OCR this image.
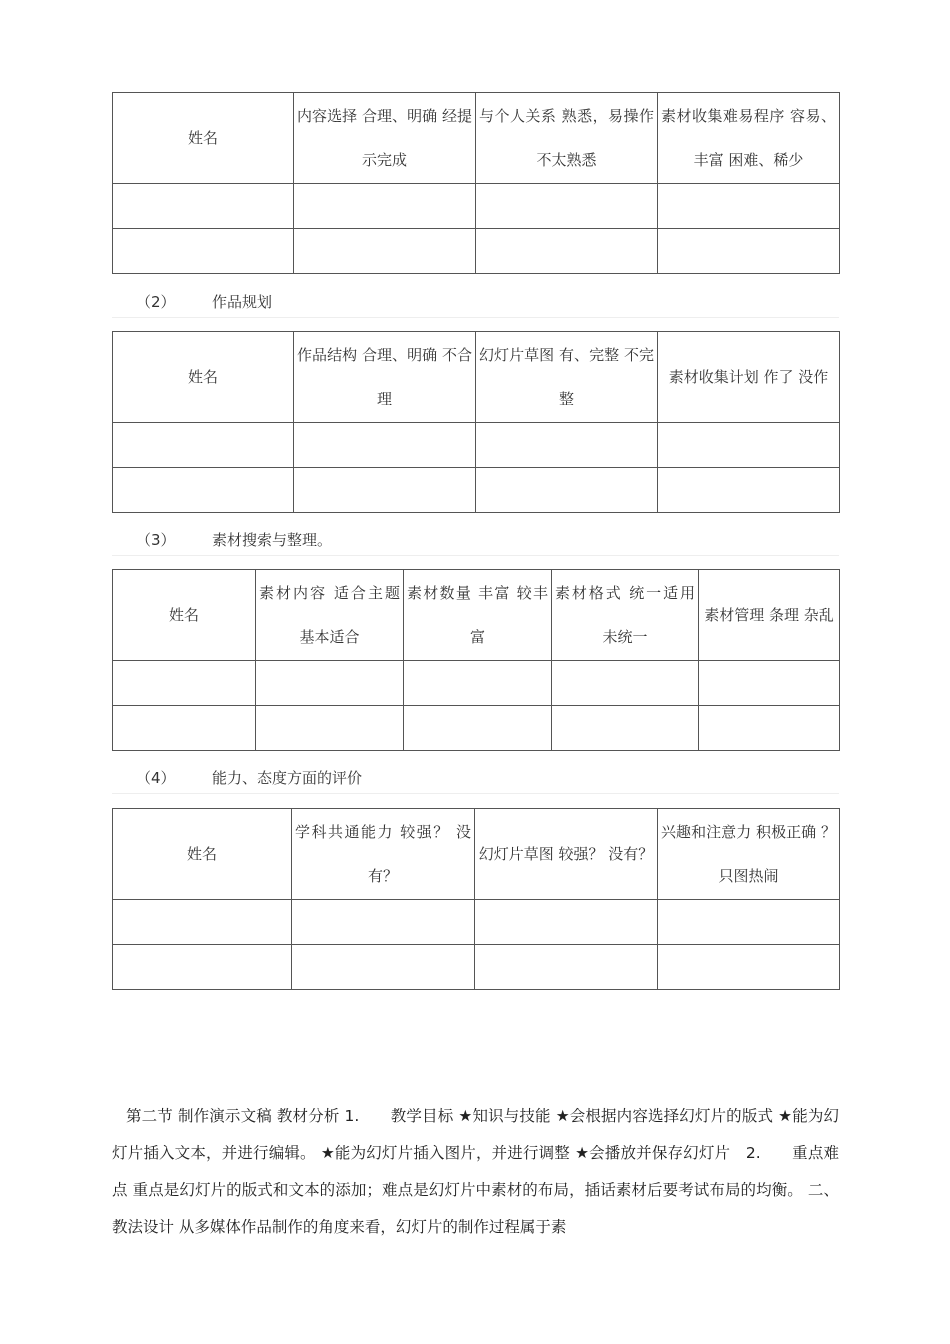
姓名	内容选择 合理、明确 经提示完成	与个人关系 熟悉，易操作 不太熟悉	素材收集难易程序 容易、丰富 困难、稀少

（2） 作品规划
姓名	作品结构 合理、明确 不合理	幻灯片草图 有、完整 不完整	素材收集计划 作了 没作

（3） 素材搜索与整理。
姓名	素材内容 适合主题 基本适合	素材数量 丰富 较丰富	素材格式 统一适用 未统一	素材管理 条理 杂乱

（4） 能力、态度方面的评价
姓名	学科共通能力 较强？ 没有？	幻灯片草图 较强？ 没有？	兴趣和注意力 积极正确 ？ 只图热闹

第二节 制作演示文稿 教材分析 1.　　教学目标 ★知识与技能 ★会根据内容选择幻灯片的版式 ★能为幻灯片插入文本，并进行编辑。 ★能为幻灯片插入图片，并进行调整 ★会播放并保存幻灯片　2.　　重点难点 重点是幻灯片的版式和文本的添加；难点是幻灯片中素材的布局，插话素材后要考试布局的均衡。 二、教法设计 从多媒体作品制作的角度来看，幻灯片的制作过程属于素
